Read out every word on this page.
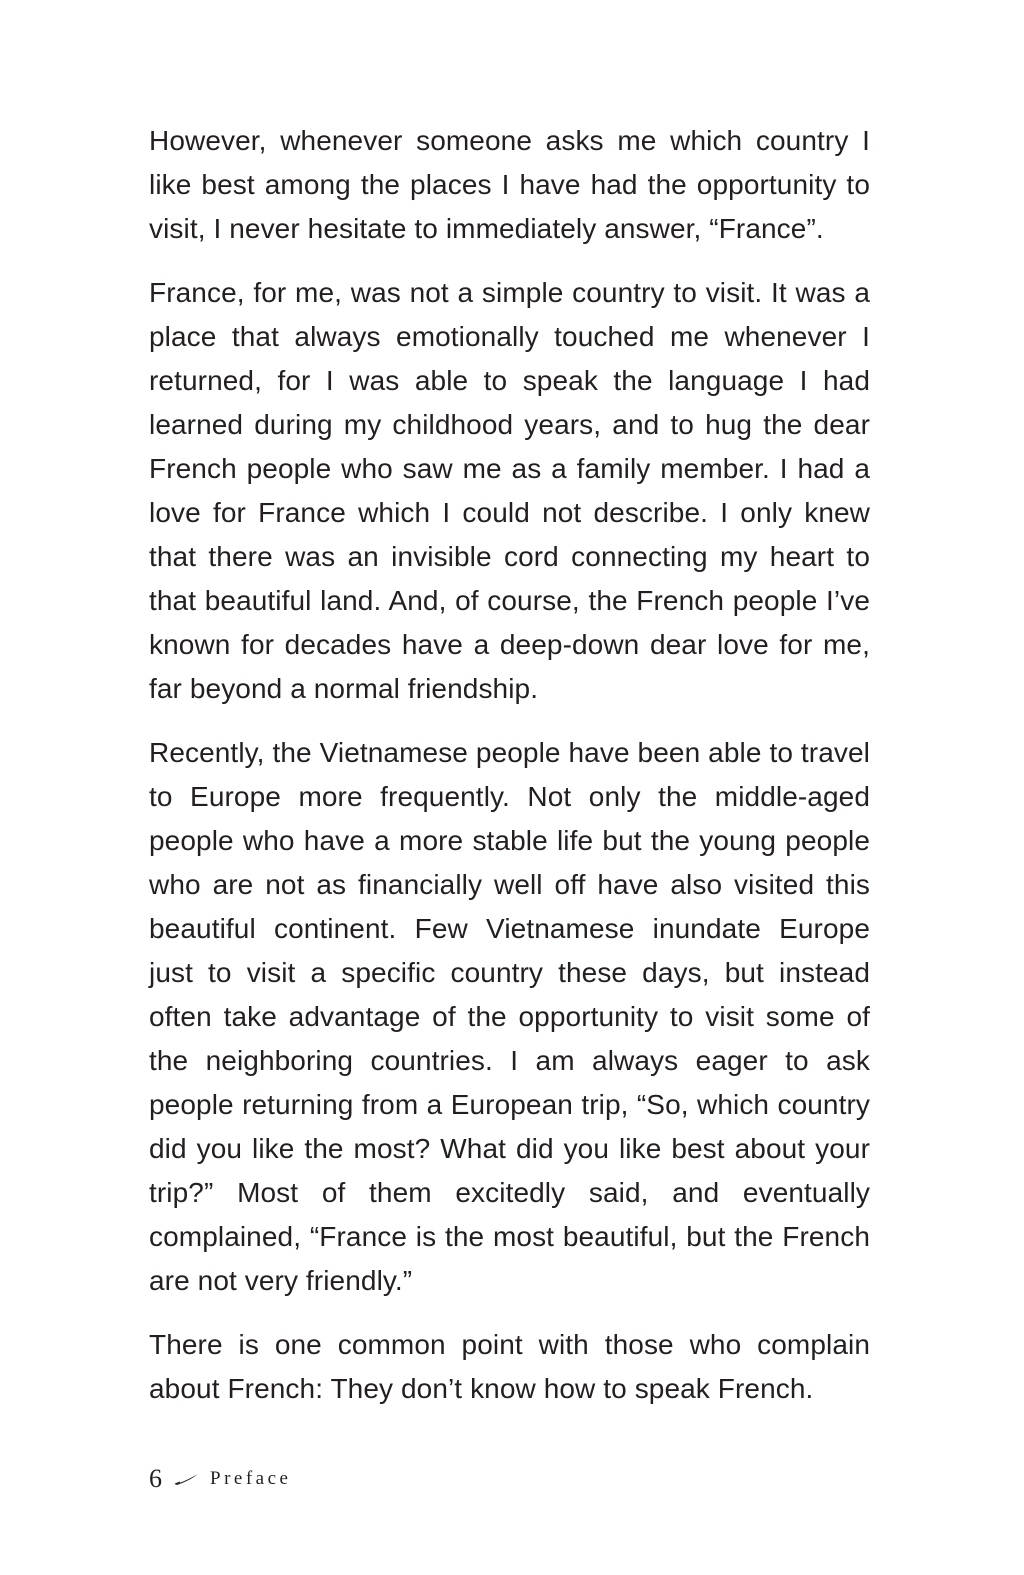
However, whenever someone asks me which country I like best among the places I have had the opportunity to visit, I never hesitate to immediately answer, “France”.

France, for me, was not a simple country to visit. It was a place that always emotionally touched me whenever I returned, for I was able to speak the language I had learned during my childhood years, and to hug the dear French people who saw me as a family member. I had a love for France which I could not describe. I only knew that there was an invisible cord connecting my heart to that beautiful land. And, of course, the French people I’ve known for decades have a deep-down dear love for me, far beyond a normal friendship.

Recently, the Vietnamese people have been able to travel to Europe more frequently. Not only the middle-aged people who have a more stable life but the young people who are not as financially well off have also visited this beautiful continent. Few Vietnamese inundate Europe just to visit a specific country these days, but instead often take advantage of the opportunity to visit some of the neighboring countries. I am always eager to ask people returning from a European trip, “So, which country did you like the most? What did you like best about your trip?” Most of them excitedly said, and eventually complained, “France is the most beautiful, but the French are not very friendly.”

There is one common point with those who complain about French: They don’t know how to speak French.

6	Preface
